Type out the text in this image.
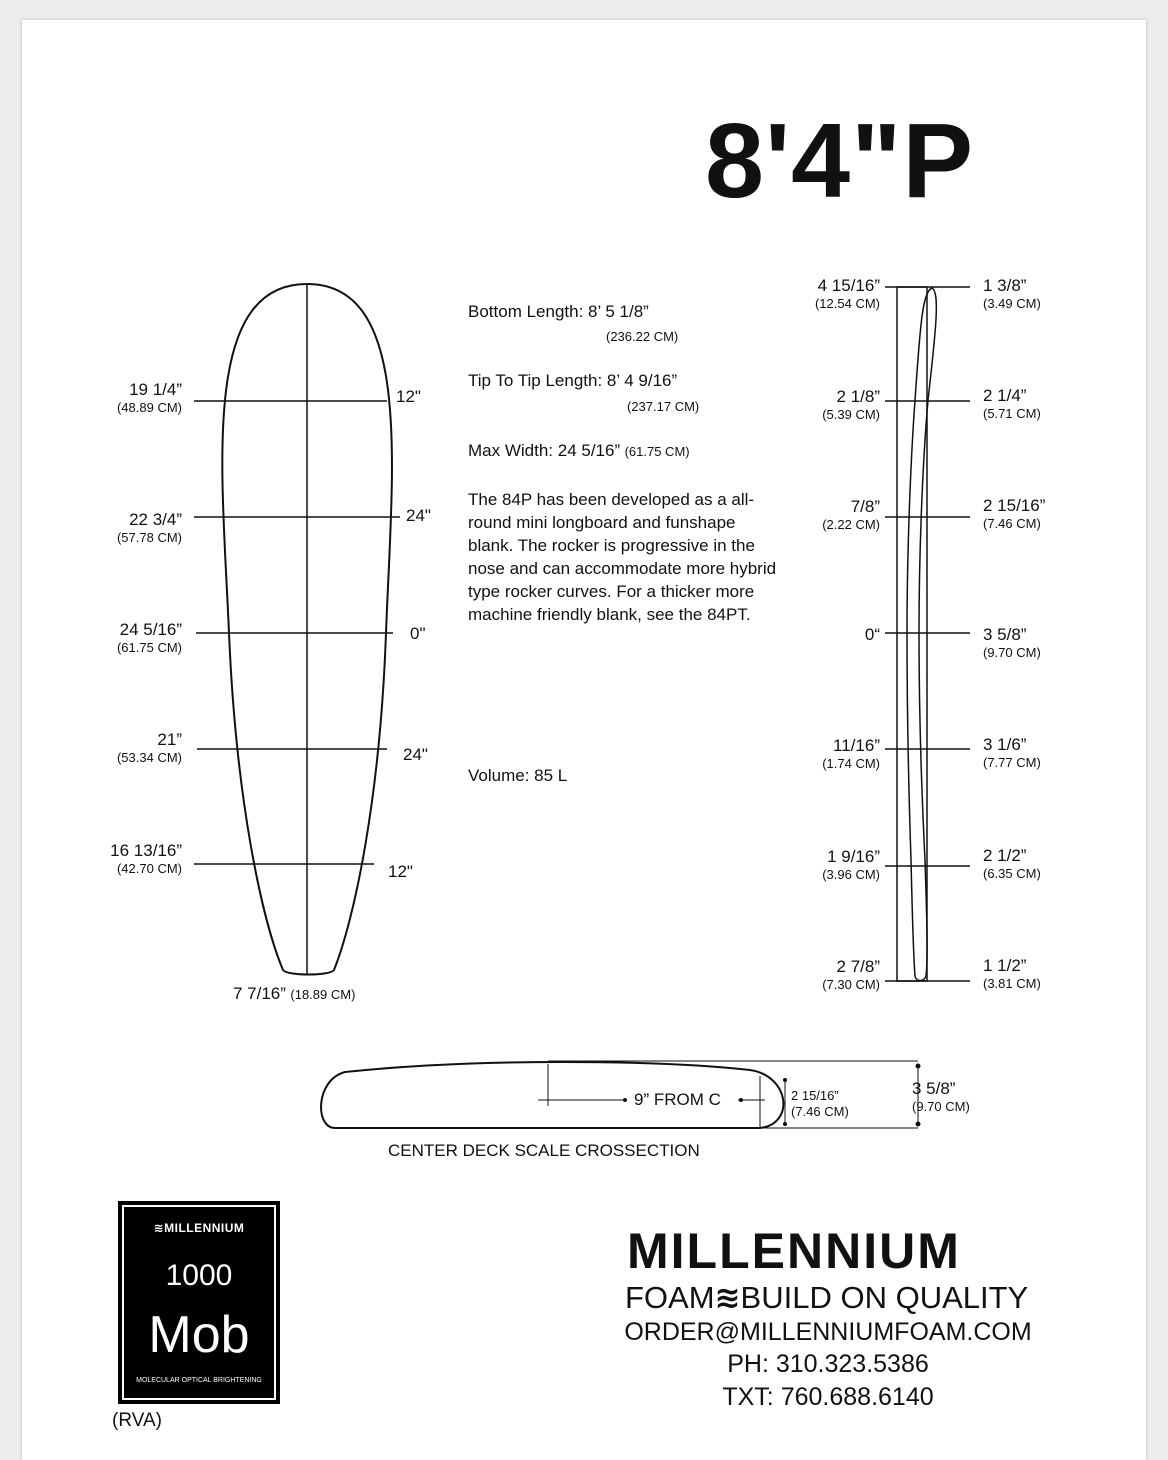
8'4"P
19 1/4”
(48.89 CM)
22 3/4”
(57.78 CM)
24 5/16”
(61.75 CM)
21”
(53.34 CM)
16 13/16”
(42.70 CM)
12"
24"
0"
24"
12"
7 7/16” (18.89 CM)
Bottom Length: 8’ 5 1/8”
(236.22 CM)
Tip To Tip Length: 8’ 4 9/16”
(237.17 CM)
Max Width: 24 5/16” (61.75 CM)
The 84P has been developed as a all-round mini longboard and funshape blank. The rocker is progressive in the nose and can accommodate more hybrid type rocker curves. For a thicker more machine friendly blank, see the 84PT.
Volume: 85 L
4 15/16”
(12.54 CM)
2 1/8”
(5.39 CM)
7/8”
(2.22 CM)
0“
11/16”
(1.74 CM)
1 9/16”
(3.96 CM)
2 7/8”
(7.30 CM)
1 3/8”
(3.49 CM)
2 1/4”
(5.71 CM)
2 15/16”
(7.46 CM)
3 5/8”
(9.70 CM)
3 1/6”
(7.77 CM)
2 1/2”
(6.35 CM)
1 1/2”
(3.81 CM)
9” FROM C	2 15/16”
(7.46 CM)
3 5/8”
(9.70 CM)
CENTER DECK SCALE CROSSECTION
≋MILLENNIUM
1000
Mob
MOLECULAR OPTICAL BRIGHTENING
(RVA)
MILLENNIUM
FOAM≋BUILD ON QUALITY
ORDER@MILLENNIUMFOAM.COM
PH: 310.323.5386
TXT: 760.688.6140
